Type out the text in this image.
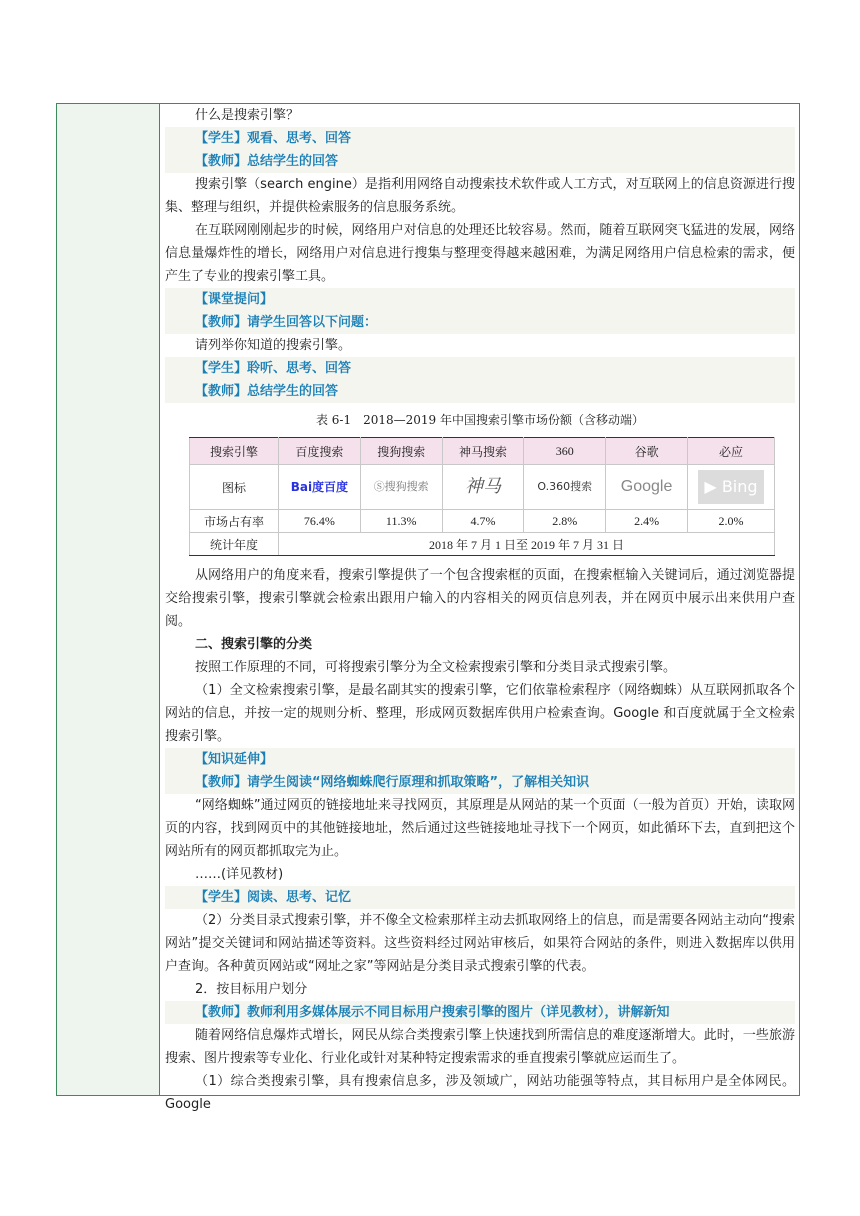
什么是搜索引擎？

【学生】观看、思考、回答

【教师】总结学生的回答

搜索引擎（search engine）是指利用网络自动搜索技术软件或人工方式，对互联网上的信息资源进行搜集、整理与组织，并提供检索服务的信息服务系统。

在互联网刚刚起步的时候，网络用户对信息的处理还比较容易。然而，随着互联网突飞猛进的发展，网络信息量爆炸性的增长，网络用户对信息进行搜集与整理变得越来越困难，为满足网络用户信息检索的需求，便产生了专业的搜索引擎工具。

【课堂提问】

【教师】请学生回答以下问题：

请列举你知道的搜索引擎。

【学生】聆听、思考、回答

【教师】总结学生的回答

表 6-1　2018—2019 年中国搜索引擎市场份额（含移动端）
搜索引擎	百度搜索	搜狗搜索	神马搜索	360	谷歌	必应
图标	Bai度百度	Ⓢ搜狗搜索	神马	O.360搜索	Google	▶ Bing
市场占有率	76.4%	11.3%	4.7%	2.8%	2.4%	2.0%
统计年度	2018 年 7 月 1 日至 2019 年 7 月 31 日					

从网络用户的角度来看，搜索引擎提供了一个包含搜索框的页面，在搜索框输入关键词后，通过浏览器提交给搜索引擎，搜索引擎就会检索出跟用户输入的内容相关的网页信息列表，并在网页中展示出来供用户查阅。

二、搜索引擎的分类

按照工作原理的不同，可将搜索引擎分为全文检索搜索引擎和分类目录式搜索引擎。

（1）全文检索搜索引擎，是最名副其实的搜索引擎，它们依靠检索程序（网络蜘蛛）从互联网抓取各个网站的信息，并按一定的规则分析、整理，形成网页数据库供用户检索查询。Google 和百度就属于全文检索搜索引擎。

【知识延伸】

【教师】请学生阅读“网络蜘蛛爬行原理和抓取策略”，了解相关知识

“网络蜘蛛”通过网页的链接地址来寻找网页，其原理是从网站的某一个页面（一般为首页）开始，读取网页的内容，找到网页中的其他链接地址，然后通过这些链接地址寻找下一个网页，如此循环下去，直到把这个网站所有的网页都抓取完为止。

……(详见教材)

【学生】阅读、思考、记忆

（2）分类目录式搜索引擎，并不像全文检索那样主动去抓取网络上的信息，而是需要各网站主动向“搜索网站”提交关键词和网站描述等资料。这些资料经过网站审核后，如果符合网站的条件，则进入数据库以供用户查询。各种黄页网站或“网址之家”等网站是分类目录式搜索引擎的代表。

2．按目标用户划分

【教师】教师利用多媒体展示不同目标用户搜索引擎的图片（详见教材），讲解新知

随着网络信息爆炸式增长，网民从综合类搜索引擎上快速找到所需信息的难度逐渐增大。此时，一些旅游搜索、图片搜索等专业化、行业化或针对某种特定搜索需求的垂直搜索引擎就应运而生了。

（1）综合类搜索引擎，具有搜索信息多，涉及领域广，网站功能强等特点，其目标用户是全体网民。Google
